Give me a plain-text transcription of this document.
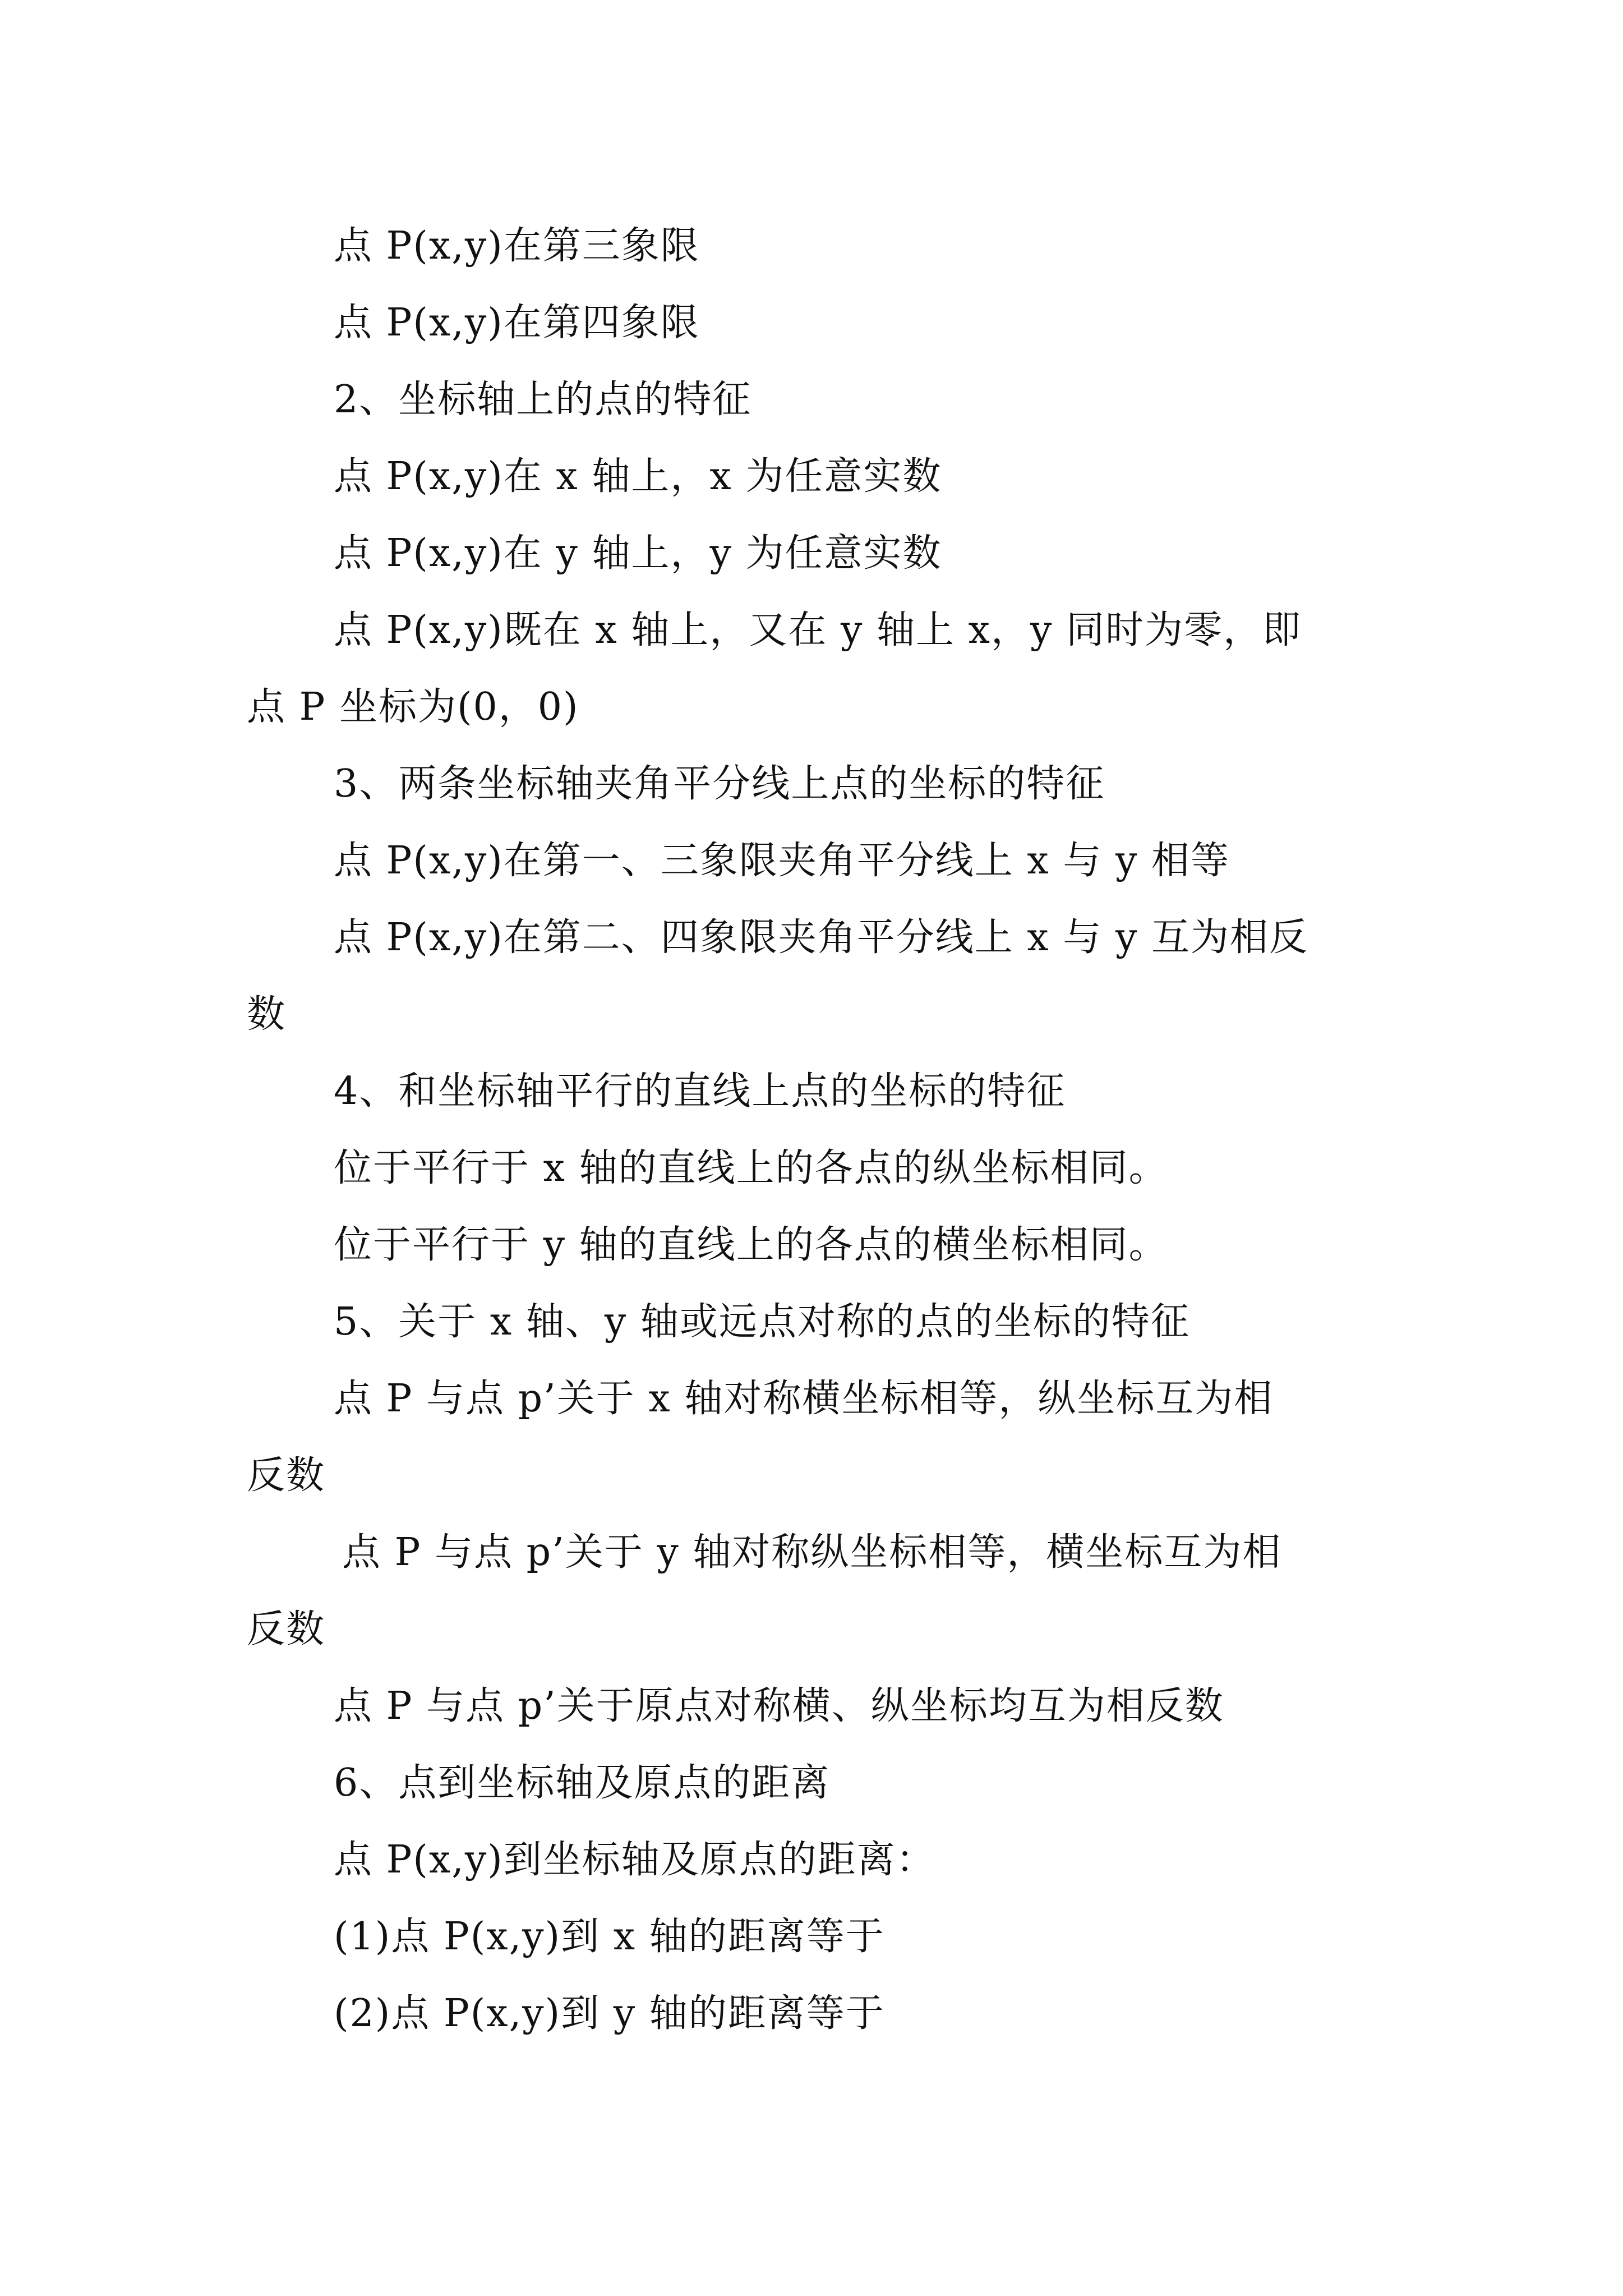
点 P(x,y)在第三象限
点 P(x,y)在第四象限
2、坐标轴上的点的特征
点 P(x,y)在 x 轴上，x 为任意实数
点 P(x,y)在 y 轴上，y 为任意实数
点 P(x,y)既在 x 轴上，又在 y 轴上 x，y 同时为零，即
点 P 坐标为(0，0)
3、两条坐标轴夹角平分线上点的坐标的特征
点 P(x,y)在第一、三象限夹角平分线上 x 与 y 相等
点 P(x,y)在第二、四象限夹角平分线上 x 与 y 互为相反
数
4、和坐标轴平行的直线上点的坐标的特征
位于平行于 x 轴的直线上的各点的纵坐标相同。
位于平行于 y 轴的直线上的各点的横坐标相同。
5、关于 x 轴、y 轴或远点对称的点的坐标的特征
点 P 与点 p’关于 x 轴对称横坐标相等，纵坐标互为相
反数
点 P 与点 p’关于 y 轴对称纵坐标相等，横坐标互为相
反数
点 P 与点 p’关于原点对称横、纵坐标均互为相反数
6、点到坐标轴及原点的距离
点 P(x,y)到坐标轴及原点的距离：
(1)点 P(x,y)到 x 轴的距离等于
(2)点 P(x,y)到 y 轴的距离等于
